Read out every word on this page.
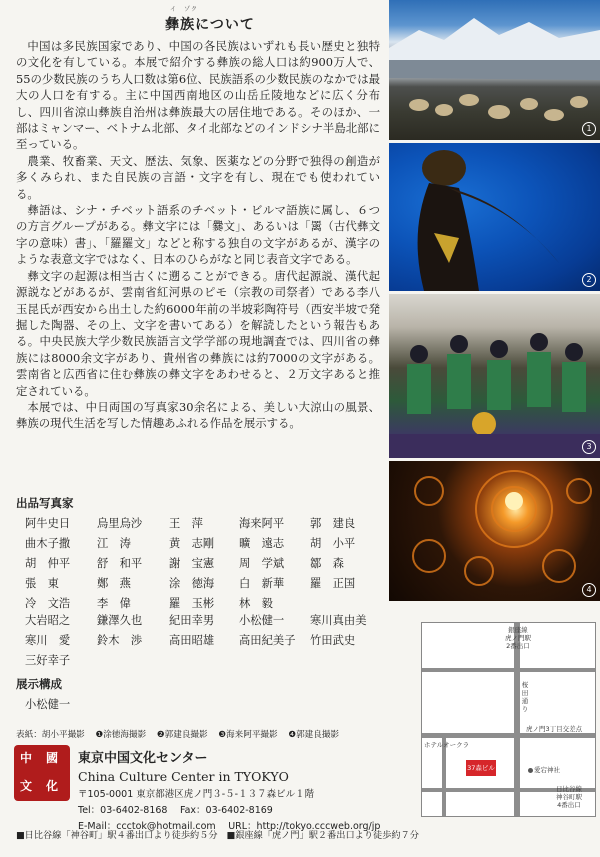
イ　ゾク
彝族について

中国は多民族国家であり、中国の各民族はいずれも長い歴史と独特の文化を有している。本展で紹介する彝族の総人口は約900万人で、55の少数民族のうち人口数は第6位、民族語系の少数民族のなかでは最大の人口を有する。主に中国西南地区の山岳丘陵地などに広く分布し、四川省涼山彝族自治州は彝族最大の居住地である。そのほか、一部はミャンマー、ベトナム北部、タイ北部などのインドシナ半島北部に至っている。

農業、牧畜業、天文、歴法、気象、医薬などの分野で独得の創造が多くみられ、また自民族の言語・文字を有し、現在でも使われている。

彝語は、シナ・チベット語系のチベット・ビルマ語族に属し、６つの方言グループがある。彝文字には「爨文」、あるいは「䍠（古代彝文字の意味）書」、「羅羅文」などと称する独自の文字があるが、漢字のような表意文字ではなく、日本のひらがなと同じ表音文字である。

彝文字の起源は相当古くに遡ることができる。唐代起源説、漢代起源説などがあるが、雲南省紅河県のピモ（宗教の司祭者）である李八玉昆氏が西安から出土した約6000年前の半坡彩陶符号（西安半坡で発掘した陶器、その上、文字を書いてある）を解読したという報告もある。中央民族大学少数民族語言文学学部の現地調査では、四川省の彝族には8000余文字があり、貴州省の彝族には約7000の文字がある。雲南省と広西省に住む彝族の彝文字をあわせると、２万文字あると推定されている。

本展では、中日両国の写真家30余名による、美しい大涼山の風景、彝族の現代生活を写した情趣あふれる作品を展示する。

1
2
3
4
出品写真家
阿牛史日 烏里烏沙 王　萍	海来阿平 郭　建良
曲木子撒 江　涛	黄　志剛 曠　遠志 胡　小平
胡　仲平 舒　和平 謝　宝憲 周　学斌 鄒　森
張　東	鄭　燕	涂　徳海 白　新華 羅　正国
冷　文浩 李　偉	羅　玉彬 林　毅
大岩昭之 鎌澤久也 紀田幸男 小松健一 寒川真由美
寒川　愛 鈴木　渉 高田昭雄 高田紀美子 竹田武史
三好幸子
展示構成
小松健一
表紙：胡小平撮影 ❶涂徳海撮影 ❷郭建良撮影 ❸海来阿平撮影 ❹郭建良撮影
中 國
文 化
東京中国文化センター
China Culture Center in TYOKYO
〒105-0001 東京都港区虎ノ門３-５-１３７森ビル１階
Tel：03-6402-8168　 Fax：03-6402-8169
E-Mail：ccctok@hotmail.com　 URL：http://tokyo.cccweb.org/jp
■日比谷線「神谷町」駅４番出口より徒歩約５分 ■銀座線「虎ノ門」駅２番出口より徒歩約７分
銀座線
虎ノ門駅
2番出口
桜田通り
虎ノ門3丁目交差点
ホテルオークラ
37森ビル	愛宕神社
日比谷線
神谷町駅
4番出口
